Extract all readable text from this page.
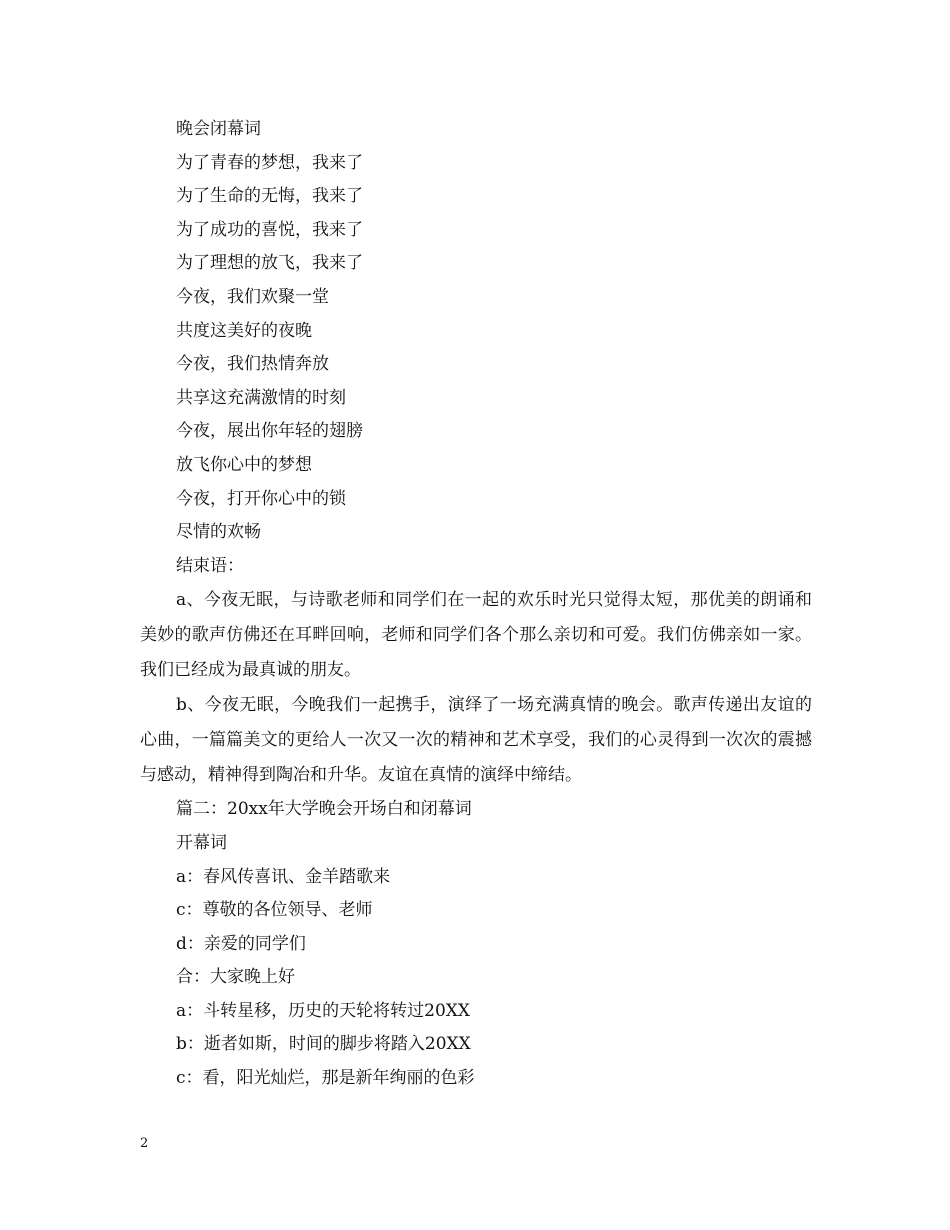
晚会闭幕词
为了青春的梦想，我来了
为了生命的无悔，我来了
为了成功的喜悦，我来了
为了理想的放飞，我来了
今夜，我们欢聚一堂
共度这美好的夜晚
今夜，我们热情奔放
共享这充满激情的时刻
今夜，展出你年轻的翅膀
放飞你心中的梦想
今夜，打开你心中的锁
尽情的欢畅
结束语：

a、今夜无眠，与诗歌老师和同学们在一起的欢乐时光只觉得太短，那优美的朗诵和美妙的歌声仿佛还在耳畔回响，老师和同学们各个那么亲切和可爱。我们仿佛亲如一家。我们已经成为最真诚的朋友。

b、今夜无眠，今晚我们一起携手，演绎了一场充满真情的晚会。歌声传递出友谊的心曲，一篇篇美文的更给人一次又一次的精神和艺术享受，我们的心灵得到一次次的震撼与感动，精神得到陶冶和升华。友谊在真情的演绎中缔结。

篇二：20xx年大学晚会开场白和闭幕词
开幕词
a：春风传喜讯、金羊踏歌来
c：尊敬的各位领导、老师
d：亲爱的同学们
合：大家晚上好
a：斗转星移，历史的天轮将转过20XX
b：逝者如斯，时间的脚步将踏入20XX
c：看，阳光灿烂，那是新年绚丽的色彩
2
